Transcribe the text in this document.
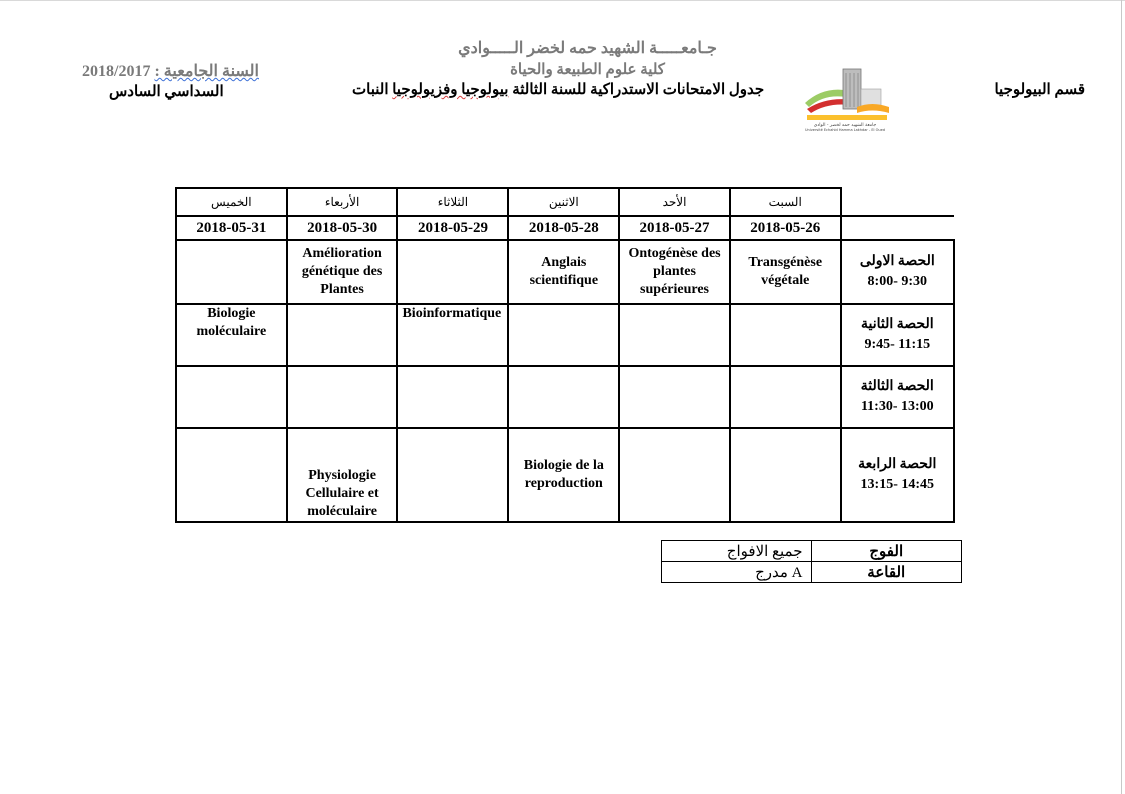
جـامعـــــة الشهيد حمه لخضر الـــــوادي
كلية علوم الطبيعة والحياة
السنة الجامعية : 2018/2017
قسم البيولوجيا
جدول الامتحانات الاستدراكية للسنة الثالثة بيولوجيا وفزيولوجيا النبات
السداسي السادس
جامعة الشهيد حمه لخضر - الوادي
Université Echahid Hamma Lakhdar - El Oued
الخميس	الأربعاء	الثلاثاء	الاثنين	الأحد	السبت	
2018-05-31	2018-05-30	2018-05-29	2018-05-28	2018-05-27	2018-05-26	
	Amélioration génétique des Plantes		Anglais scientifique	Ontogénèse des plantes supérieures	Transgénèse végétale	الحصة الاولى
8:00- 9:30

Biologie moléculaire		Bioinformatique				الحصة الثانية
9:45- 11:15

						الحصة الثالثة
11:30- 13:00

	Physiologie Cellulaire et moléculaire		Biologie de la reproduction			الحصة الرابعة
13:15- 14:45
جميع الافواج	الفوج
مدرج A	القاعة
